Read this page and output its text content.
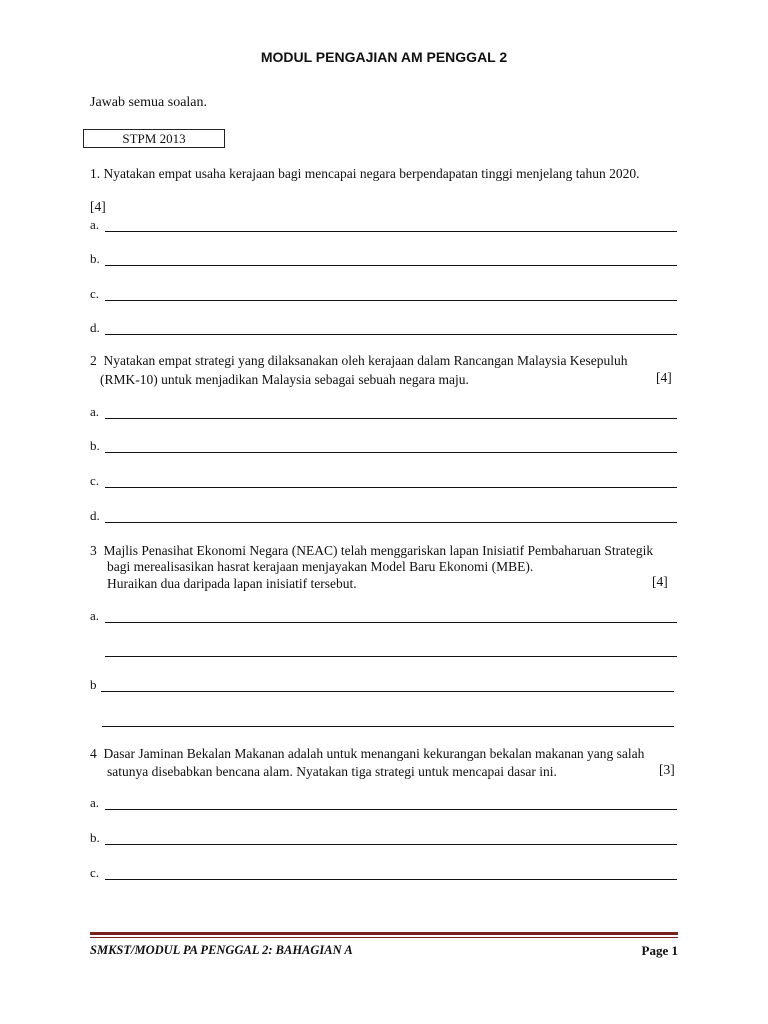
MODUL PENGAJIAN AM PENGGAL 2
Jawab semua soalan.
STPM 2013
1. Nyatakan empat usaha kerajaan bagi mencapai negara berpendapatan tinggi menjelang tahun 2020.
[4]
a.
b.
c.
d.
2 Nyatakan empat strategi yang dilaksanakan oleh kerajaan dalam Rancangan Malaysia Kesepuluh
(RMK-10) untuk menjadikan Malaysia sebagai sebuah negara maju.	[4]
a.
b.
c.
d.
3 Majlis Penasihat Ekonomi Negara (NEAC) telah menggariskan lapan Inisiatif Pembaharuan Strategik
bagi merealisasikan hasrat kerajaan menjayakan Model Baru Ekonomi (MBE).
Huraikan dua daripada lapan inisiatif tersebut.	[4]
a.
b
4 Dasar Jaminan Bekalan Makanan adalah untuk menangani kekurangan bekalan makanan yang salah
satunya disebabkan bencana alam. Nyatakan tiga strategi untuk mencapai dasar ini.	[3]
a.
b.
c.
SMKST/MODUL PA PENGGAL 2: BAHAGIAN A	Page 1
